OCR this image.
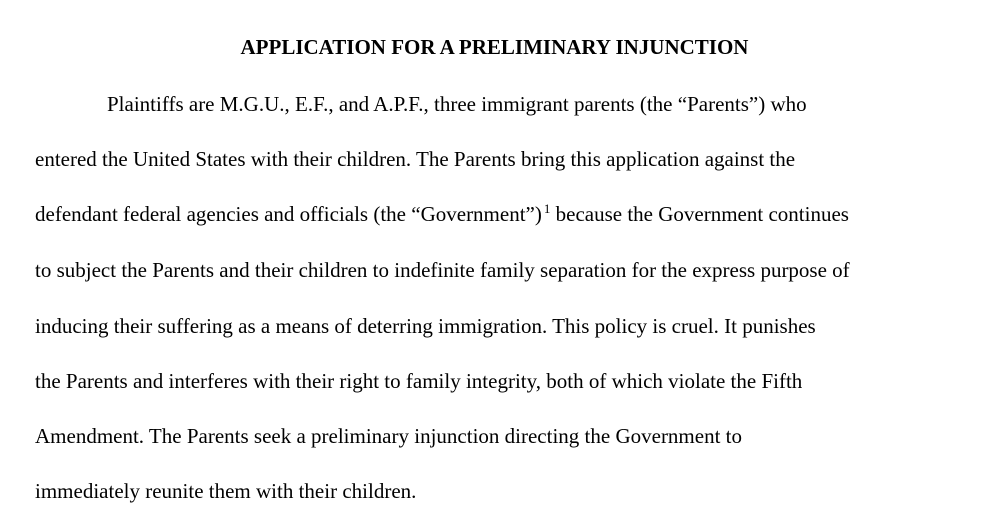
APPLICATION FOR A PRELIMINARY INJUNCTION
Plaintiffs are M.G.U., E.F., and A.P.F., three immigrant parents (the “Parents”) who
entered the United States with their children. The Parents bring this application against the
defendant federal agencies and officials (the “Government”) $^1$ because the Government continues
to subject the Parents and their children to indefinite family separation for the express purpose of
inducing their suffering as a means of deterring immigration. This policy is cruel. It punishes
the Parents and interferes with their right to family integrity, both of which violate the Fifth
Amendment. The Parents seek a preliminary injunction directing the Government to
immediately reunite them with their children.
